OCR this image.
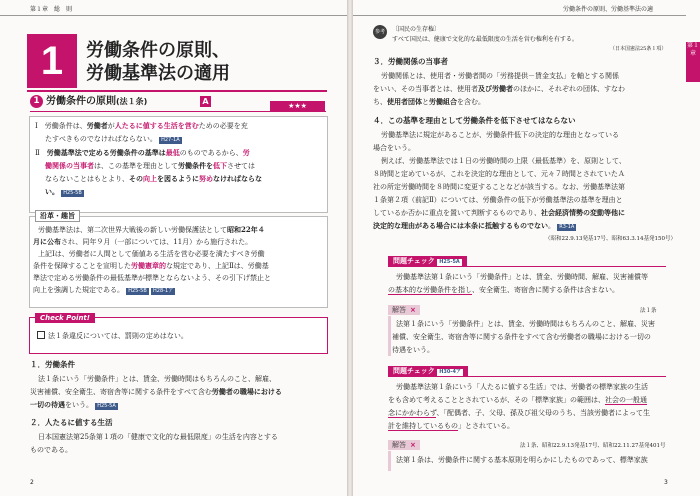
第１章　総　則
1	労働条件の原則、
労働基準法の適用
1 労働条件の原則(法１条)	A	★★★
Ⅰ　 労働条件は、労働者が人たるに値する生活を営むための必要を充
たすべきものでなければならない。 H27-1A
Ⅱ　 労働基準法で定める労働条件の基準は最低のものであるから、労
働関係の当事者は、この基準を理由として労働条件を低下させては
ならないことはもとより、その向上を図るように努めなければならな
い。 H25-5B
沿革・趣旨
労働基準法は、第二次世界大戦後の新しい労働保護法として昭和22年４
月に公布され、同年９月（一部については、11月）から施行された。
上記Ⅰは、労働者に人間として価値ある生活を営む必要を満たすべき労働
条件を保障することを宣明した労働憲章的な規定であり、上記Ⅱは、労働基
準法で定める労働条件の最低基準が標準とならないよう、その引下げ禁止と
向上を強調した規定である。 H25-5B H28-1ア
Check Point!
法１条違反については、罰則の定めはない。
１．労働条件
法１条にいう「労働条件」とは、賃金、労働時間はもちろんのこと、解雇、
災害補償、安全衛生、寄宿舎等に関する条件をすべて含む労働者の職場における
一切の待遇をいう。 H25-5A
２．人たるに値する生活
日本国憲法第25条第１項の「健康で文化的な最低限度」の生活を内容とする
ものである。
2
労働条件の原則、労働基準法の適
第１章
参考	〔国民の生存権〕
すべて国民は、健康で文化的な最低限度の生活を営む権利を有する。
（日本国憲法25条１項）
３．労働関係の当事者
労働関係とは、使用者・労働者間の「労務提供－賃金支払」を軸とする関係
をいい、その当事者とは、使用者及び労働者のほかに、それぞれの団体、すなわ
ち、使用者団体と労働組合を含む。
４．この基準を理由として労働条件を低下させてはならない
労働基準法に規定があることが、労働条件低下の決定的な理由となっている
場合をいう。
例えば、労働基準法では１日の労働時間の上限（最低基準）を、原則として、
８時間と定めているが、これを決定的な理由として、元々７時間とされていたＡ
社の所定労働時間を８時間に変更することなどが該当する。なお、労働基準法第
１条第２項（前記Ⅱ）については、労働条件の低下が労働基準法の基準を理由と
しているか否かに重点を置いて判断するものであり、社会経済情勢の変動等他に
決定的な理由がある場合には本条に抵触するものでない。 R3-1A
（昭和22.9.13発基17号、昭和63.3.14基発150号）
問題チェック H25-5A
労働基準法第１条にいう「労働条件」とは、賃金、労働時間、解雇、災害補償等
の基本的な労働条件を指し、安全衛生、寄宿舎に関する条件は含まない。
解答 ×	法１条
法第１条にいう「労働条件」とは、賃金、労働時間はもちろんのこと、解雇、災害
補償、安全衛生、寄宿舎等に関する条件をすべて含む労働者の職場における一切の
待遇をいう。
問題チェック H30-4ア
労働基準法第１条にいう「人たるに値する生活」では、労働者の標準家族の生活
をも含めて考えることとされているが、その「標準家族」の範囲は、社会の一般通
念にかかわらず、「配偶者、子、父母、孫及び祖父母のうち、当該労働者によって生
計を維持しているもの」とされている。
解答 ×	法１条、昭和22.9.13発基17号、昭和22.11.27基発401号
法第１条は、労働条件に関する基本原則を明らかにしたものであって、標準家族
3
